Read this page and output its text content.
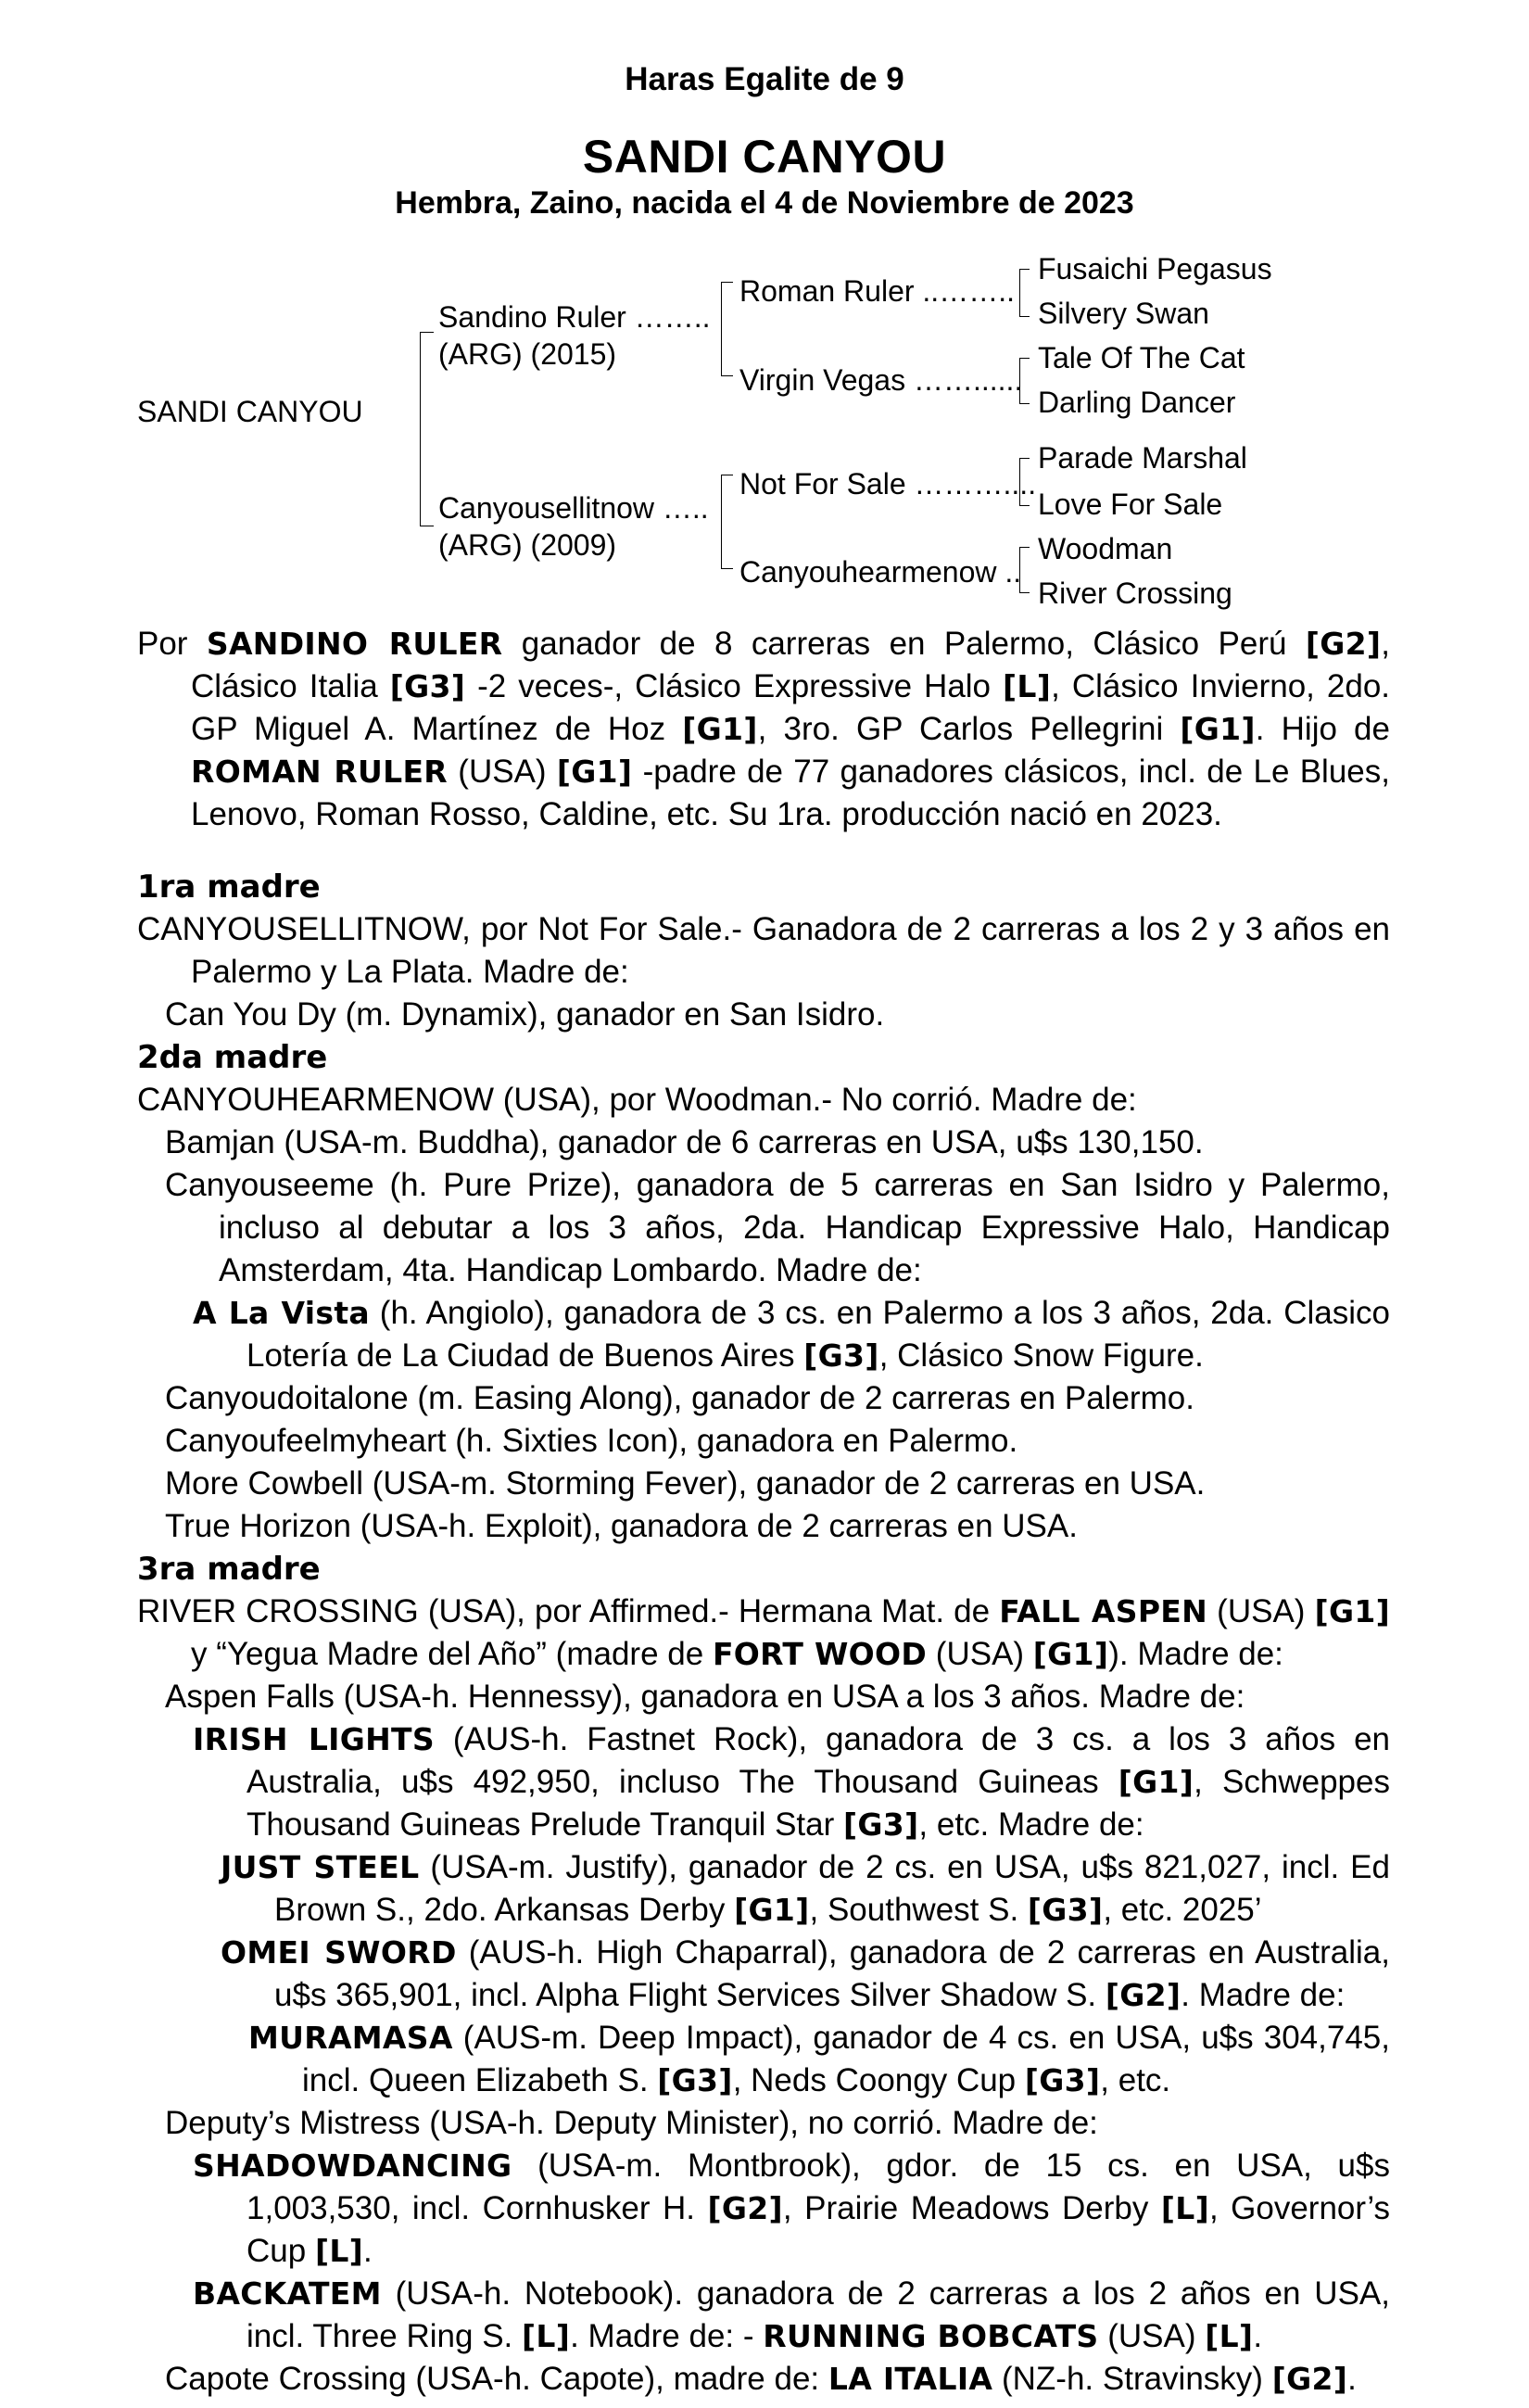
Haras Egalite de 9
SANDI CANYOU
Hembra, Zaino, nacida el 4 de Noviembre de 2023
SANDI CANYOU
Sandino Ruler ……..
(ARG) (2015)
Canyousellitnow …..
(ARG) (2009)
Roman Ruler ..……..
Virgin Vegas ……......
Not For Sale ………....
Canyouhearmenow ..
Fusaichi Pegasus
Silvery Swan
Tale Of The Cat
Darling Dancer
Parade Marshal
Love For Sale
Woodman
River Crossing
Por SANDINO RULER ganador de 8 carreras en Palermo, Clásico Perú [G2], Clásico Italia [G3] -2 veces-, Clásico Expressive Halo [L], Clásico Invierno, 2do. GP Miguel A. Martínez de Hoz [G1], 3ro. GP Carlos Pellegrini [G1]. Hijo de ROMAN RULER (USA) [G1] -padre de 77 ganadores clásicos, incl. de Le Blues, Lenovo, Roman Rosso, Caldine, etc. Su 1ra. producción nació en 2023.
1ra madre
CANYOUSELLITNOW, por Not For Sale.- Ganadora de 2 carreras a los 2 y 3 años en Palermo y La Plata. Madre de:
Can You Dy (m. Dynamix), ganador en San Isidro.
2da madre
CANYOUHEARMENOW (USA), por Woodman.- No corrió. Madre de:
Bamjan (USA-m. Buddha), ganador de 6 carreras en USA, u$s 130,150.
Canyouseeme (h. Pure Prize), ganadora de 5 carreras en San Isidro y Palermo, incluso al debutar a los 3 años, 2da. Handicap Expressive Halo, Handicap Amsterdam, 4ta. Handicap Lombardo. Madre de:
A La Vista (h. Angiolo), ganadora de 3 cs. en Palermo a los 3 años, 2da. Clasico Lotería de La Ciudad de Buenos Aires [G3], Clásico Snow Figure.
Canyoudoitalone (m. Easing Along), ganador de 2 carreras en Palermo.
Canyoufeelmyheart (h. Sixties Icon), ganadora en Palermo.
More Cowbell (USA-m. Storming Fever), ganador de 2 carreras en USA.
True Horizon (USA-h. Exploit), ganadora de 2 carreras en USA.
3ra madre
RIVER CROSSING (USA), por Affirmed.- Hermana Mat. de FALL ASPEN (USA) [G1] y “Yegua Madre del Año” (madre de FORT WOOD (USA) [G1]). Madre de:
Aspen Falls (USA-h. Hennessy), ganadora en USA a los 3 años. Madre de:
IRISH LIGHTS (AUS-h. Fastnet Rock), ganadora de 3 cs. a los 3 años en Australia, u$s 492,950, incluso The Thousand Guineas [G1], Schweppes Thousand Guineas Prelude Tranquil Star [G3], etc. Madre de:
JUST STEEL (USA-m. Justify), ganador de 2 cs. en USA, u$s 821,027, incl. Ed Brown S., 2do. Arkansas Derby [G1], Southwest S. [G3], etc. 2025’
OMEI SWORD (AUS-h. High Chaparral), ganadora de 2 carreras en Australia, u$s 365,901, incl. Alpha Flight Services Silver Shadow S. [G2]. Madre de:
MURAMASA (AUS-m. Deep Impact), ganador de 4 cs. en USA, u$s 304,745, incl. Queen Elizabeth S. [G3], Neds Coongy Cup [G3], etc.
Deputy’s Mistress (USA-h. Deputy Minister), no corrió. Madre de:
SHADOWDANCING (USA-m. Montbrook), gdor. de 15 cs. en USA, u$s 1,003,530, incl. Cornhusker H. [G2], Prairie Meadows Derby [L], Governor’s Cup [L].
BACKATEM (USA-h. Notebook). ganadora de 2 carreras a los 2 años en USA, incl. Three Ring S. [L]. Madre de: - RUNNING BOBCATS (USA) [L].
Capote Crossing (USA-h. Capote), madre de: LA ITALIA (NZ-h. Stravinsky) [G2].
